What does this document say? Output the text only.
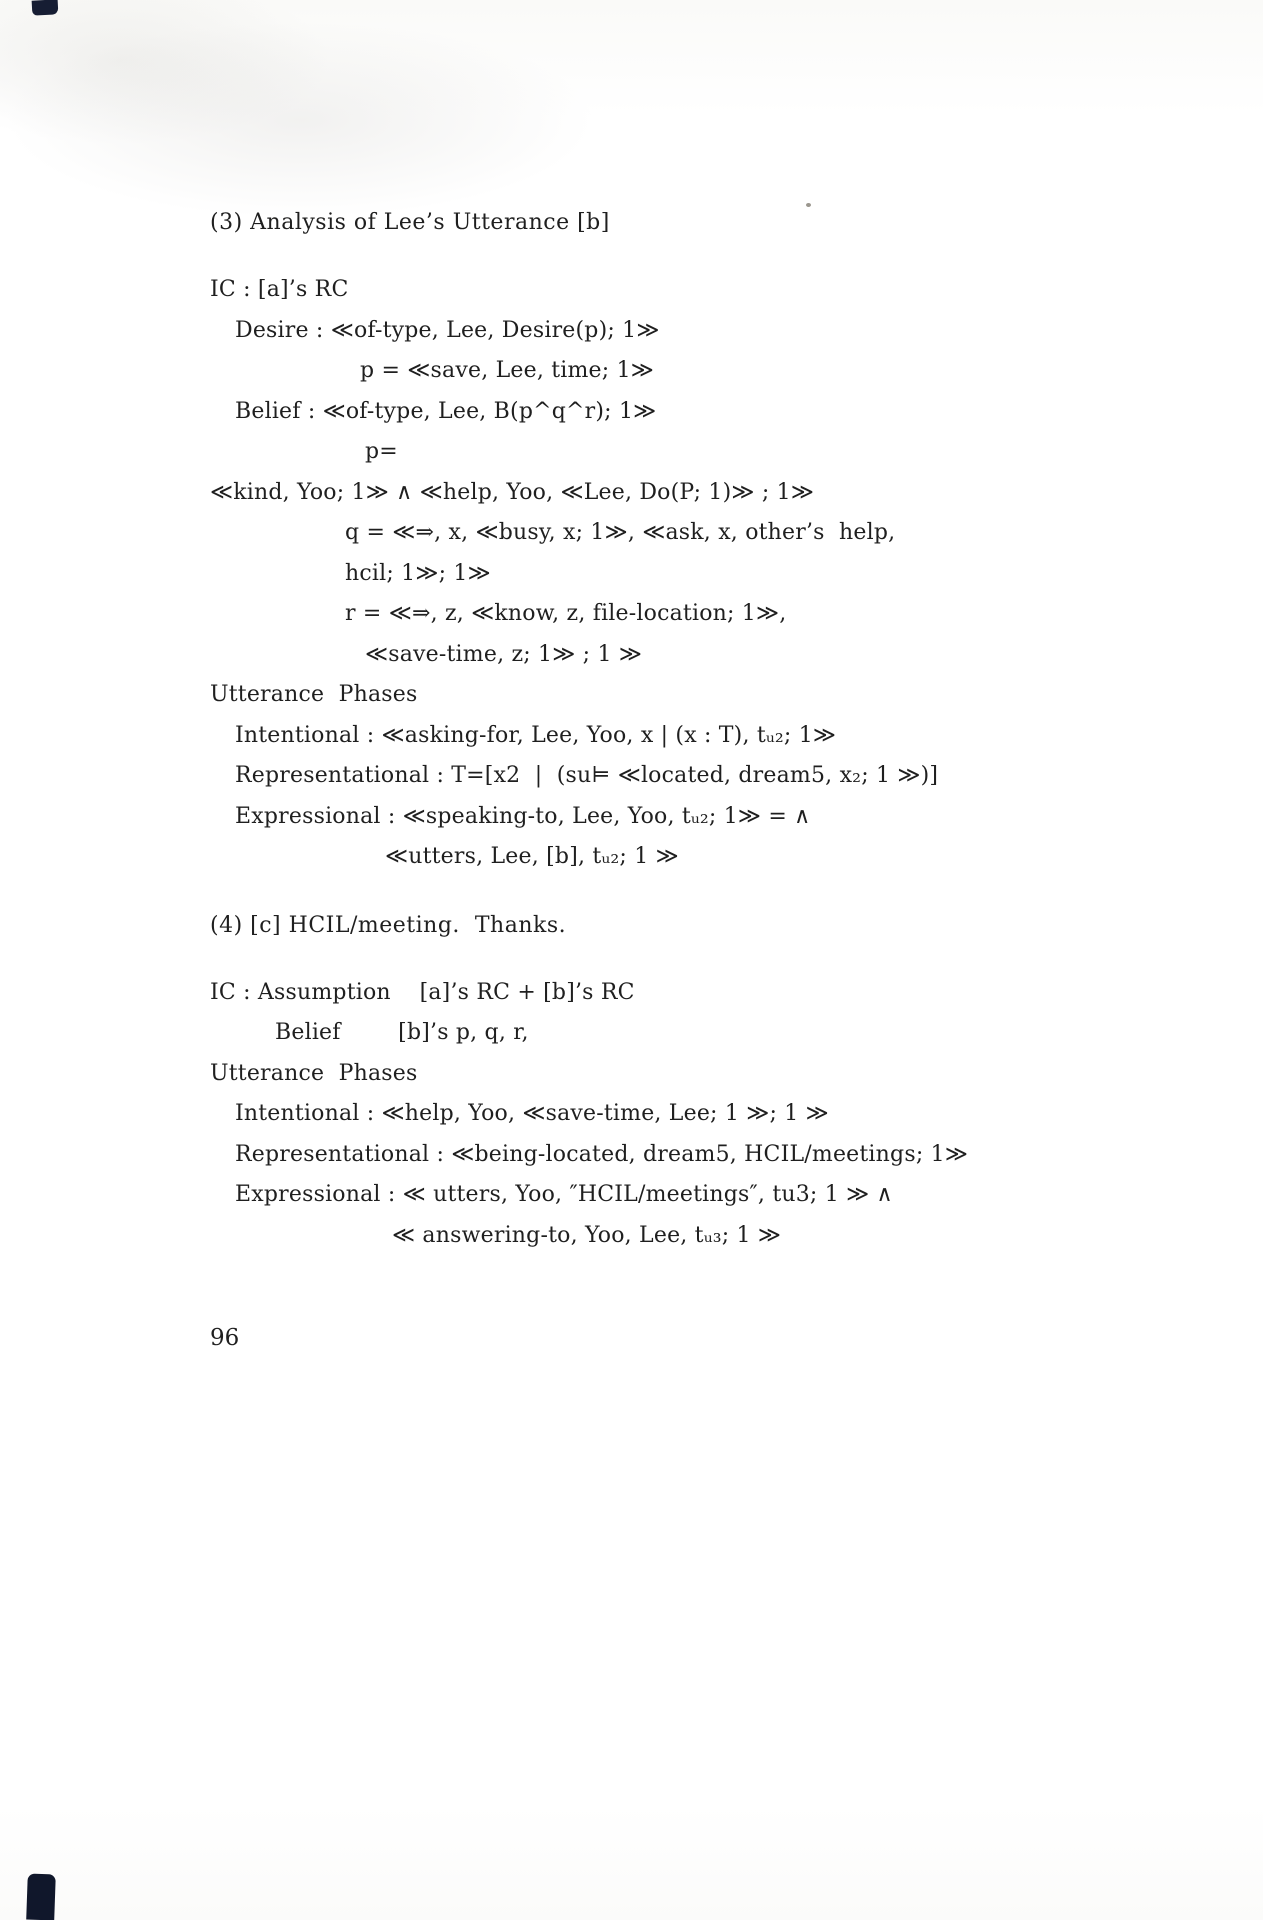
(3) Analysis of Lee’s Utterance [b]
IC : [a]’s RC
Desire : ≪of-type, Lee, Desire(p); 1≫
p = ≪save, Lee, time; 1≫
Belief : ≪of-type, Lee, B(p^q^r); 1≫
p=
≪kind, Yoo; 1≫ ∧ ≪help, Yoo, ≪Lee, Do(P; 1)≫ ; 1≫
q = ≪⇒, x, ≪busy, x; 1≫, ≪ask, x, other’s  help,
hcil; 1≫; 1≫
r = ≪⇒, z, ≪know, z, file-location; 1≫,
≪save-time, z; 1≫ ; 1 ≫
Utterance  Phases
Intentional : ≪asking-for, Lee, Yoo, x | (x : T), tᵤ₂; 1≫
Representational : T=[x2  |  (su⊨ ≪located, dream5, x₂; 1 ≫)]
Expressional : ≪speaking-to, Lee, Yoo, tᵤ₂; 1≫ = ∧
≪utters, Lee, [b], tᵤ₂; 1 ≫
(4) [c] HCIL/meeting.  Thanks.
IC : Assumption    [a]’s RC + [b]’s RC
Belief        [b]’s p, q, r,
Utterance  Phases
Intentional : ≪help, Yoo, ≪save-time, Lee; 1 ≫; 1 ≫
Representational : ≪being-located, dream5, HCIL/meetings; 1≫
Expressional : ≪ utters, Yoo, ″HCIL/meetings″, tu3; 1 ≫ ∧
≪ answering-to, Yoo, Lee, tᵤ₃; 1 ≫
96
